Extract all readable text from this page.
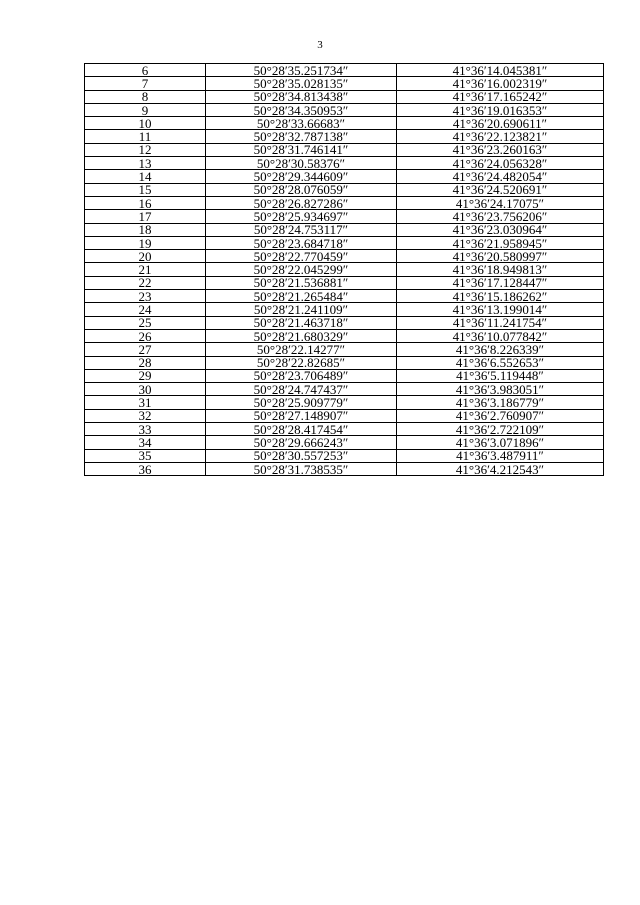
3
6	50°28′35.251734″	41°36′14.045381″
7	50°28′35.028135″	41°36′16.002319″
8	50°28′34.813438″	41°36′17.165242″
9	50°28′34.350953″	41°36′19.016353″
10	50°28′33.66683″	41°36′20.690611″
11	50°28′32.787138″	41°36′22.123821″
12	50°28′31.746141″	41°36′23.260163″
13	50°28′30.58376″	41°36′24.056328″
14	50°28′29.344609″	41°36′24.482054″
15	50°28′28.076059″	41°36′24.520691″
16	50°28′26.827286″	41°36′24.17075″
17	50°28′25.934697″	41°36′23.756206″
18	50°28′24.753117″	41°36′23.030964″
19	50°28′23.684718″	41°36′21.958945″
20	50°28′22.770459″	41°36′20.580997″
21	50°28′22.045299″	41°36′18.949813″
22	50°28′21.536881″	41°36′17.128447″
23	50°28′21.265484″	41°36′15.186262″
24	50°28′21.241109″	41°36′13.199014″
25	50°28′21.463718″	41°36′11.241754″
26	50°28′21.680329″	41°36′10.077842″
27	50°28′22.14277″	41°36′8.226339″
28	50°28′22.82685″	41°36′6.552653″
29	50°28′23.706489″	41°36′5.119448″
30	50°28′24.747437″	41°36′3.983051″
31	50°28′25.909779″	41°36′3.186779″
32	50°28′27.148907″	41°36′2.760907″
33	50°28′28.417454″	41°36′2.722109″
34	50°28′29.666243″	41°36′3.071896″
35	50°28′30.557253″	41°36′3.487911″
36	50°28′31.738535″	41°36′4.212543″
